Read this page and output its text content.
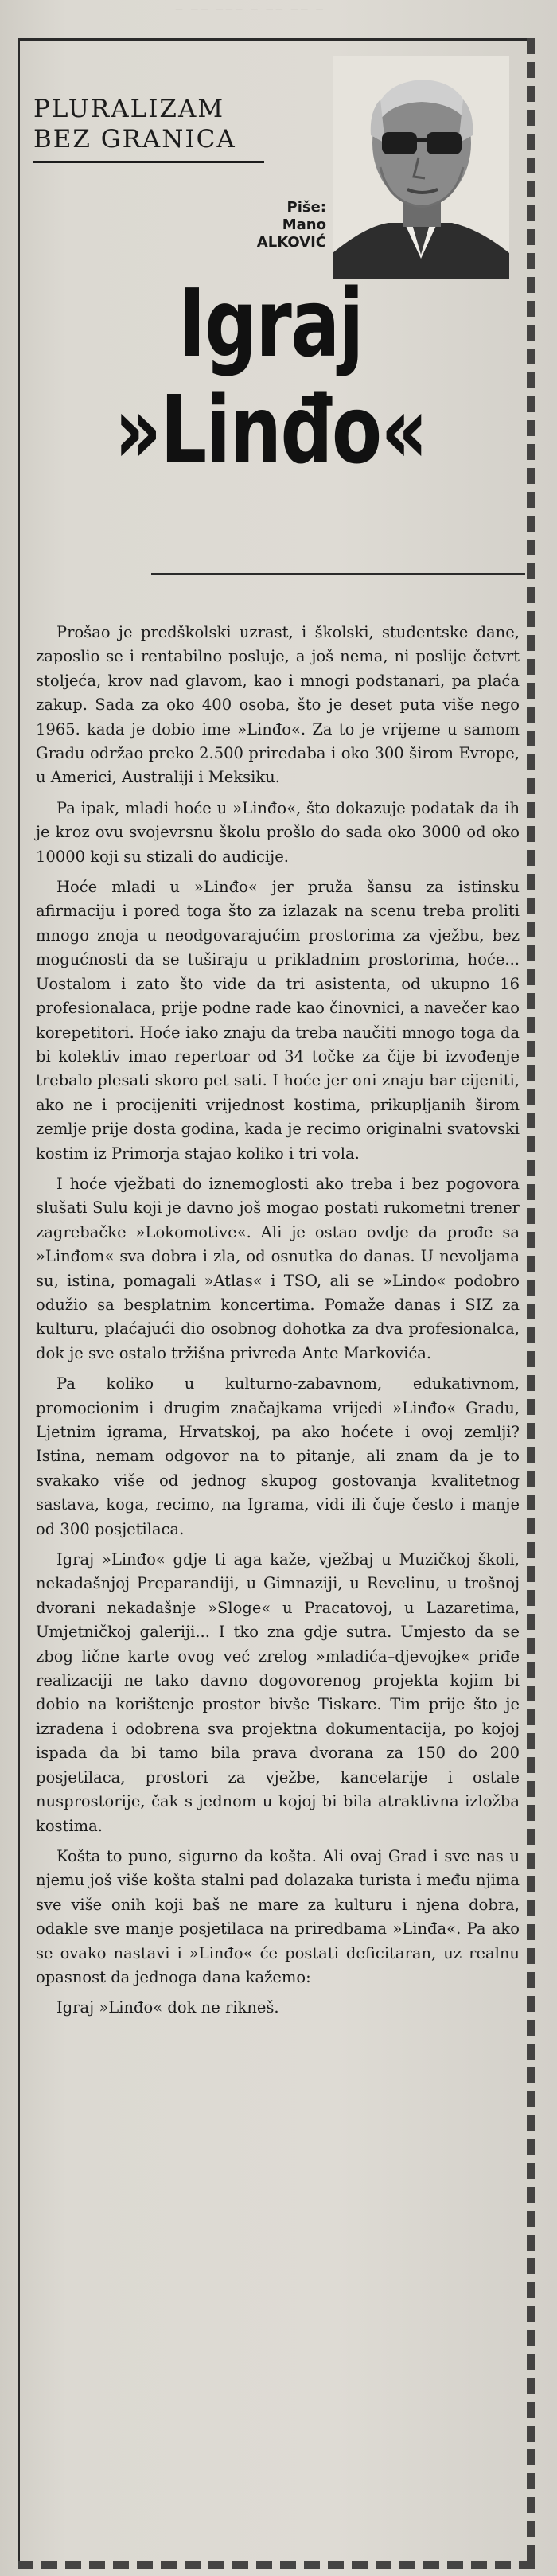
‒ ‒‒ ‒‒‒ ‒ ‒‒ ‒‒ ‒
PLURALIZAM
BEZ GRANICA
Piše:
Mano
ALKOVIĆ
Igraj
»Linđo«

Prošao je predškolski uzrast, i školski, studentske dane, zaposlio se i rentabilno posluje, a još nema, ni poslije četvrt stoljeća, krov nad glavom, kao i mnogi podstanari, pa plaća zakup. Sada za oko 400 osoba, što je deset puta više nego 1965. kada je dobio ime »Linđo«. Za to je vrijeme u samom Gradu održao preko 2.500 priredaba i oko 300 širom Evrope, u Americi, Australiji i Meksiku.

Pa ipak, mladi hoće u »Linđo«, što dokazuje podatak da ih je kroz ovu svojevrsnu školu prošlo do sada oko 3000 od oko 10000 koji su stizali do audicije.

Hoće mladi u »Linđo« jer pruža šansu za istinsku afirmaciju i pored toga što za izlazak na scenu treba proliti mnogo znoja u neodgovarajućim prostorima za vježbu, bez mogućnosti da se tuširaju u prikladnim prostorima, hoće... Uostalom i zato što vide da tri asistenta, od ukupno 16 profesionalaca, prije podne rade kao činovnici, a navečer kao korepetitori. Hoće iako znaju da treba naučiti mnogo toga da bi kolektiv imao repertoar od 34 točke za čije bi izvođenje trebalo plesati skoro pet sati. I hoće jer oni znaju bar cijeniti, ako ne i procijeniti vrijednost kostima, prikupljanih širom zemlje prije dosta godina, kada je recimo originalni svatovski kostim iz Primorja stajao koliko i tri vola.

I hoće vježbati do iznemoglosti ako treba i bez pogovora slušati Sulu koji je davno još mogao postati rukometni trener zagrebačke »Lokomotive«. Ali je ostao ovdje da prođe sa »Linđom« sva dobra i zla, od osnutka do danas. U nevoljama su, istina, pomagali »Atlas« i TSO, ali se »Linđo« podobro odužio sa besplatnim koncertima. Pomaže danas i SIZ za kulturu, plaćajući dio osobnog dohotka za dva profesionalca, dok je sve ostalo tržišna privreda Ante Markovića.

Pa koliko u kulturno-zabavnom, edukativnom, promocionim i drugim značajkama vrijedi »Linđo« Gradu, Ljetnim igrama, Hrvatskoj, pa ako hoćete i ovoj zemlji? Istina, nemam odgovor na to pitanje, ali znam da je to svakako više od jednog skupog gostovanja kvalitetnog sastava, koga, recimo, na Igrama, vidi ili čuje često i manje od 300 posjetilaca.

Igraj »Linđo« gdje ti aga kaže, vježbaj u Muzičkoj školi, nekadašnjoj Preparandiji, u Gimnaziji, u Revelinu, u trošnoj dvorani nekadašnje »Sloge« u Pracatovoj, u Lazaretima, Umjetničkoj galeriji... I tko zna gdje sutra. Umjesto da se zbog lične karte ovog već zrelog »mladića–djevojke« priđe realizaciji ne tako davno dogovorenog projekta kojim bi dobio na korištenje prostor bivše Tiskare. Tim prije što je izrađena i odobrena sva projektna dokumentacija, po kojoj ispada da bi tamo bila prava dvorana za 150 do 200 posjetilaca, prostori za vježbe, kancelarije i ostale nusprostorije, čak s jednom u kojoj bi bila atraktivna izložba kostima.

Košta to puno, sigurno da košta. Ali ovaj Grad i sve nas u njemu još više košta stalni pad dolazaka turista i među njima sve više onih koji baš ne mare za kulturu i njena dobra, odakle sve manje posjetilaca na priredbama »Linđa«. Pa ako se ovako nastavi i »Linđo« će postati deficitaran, uz realnu opasnost da jednoga dana kažemo:

Igraj »Linđo« dok ne rikneš.
